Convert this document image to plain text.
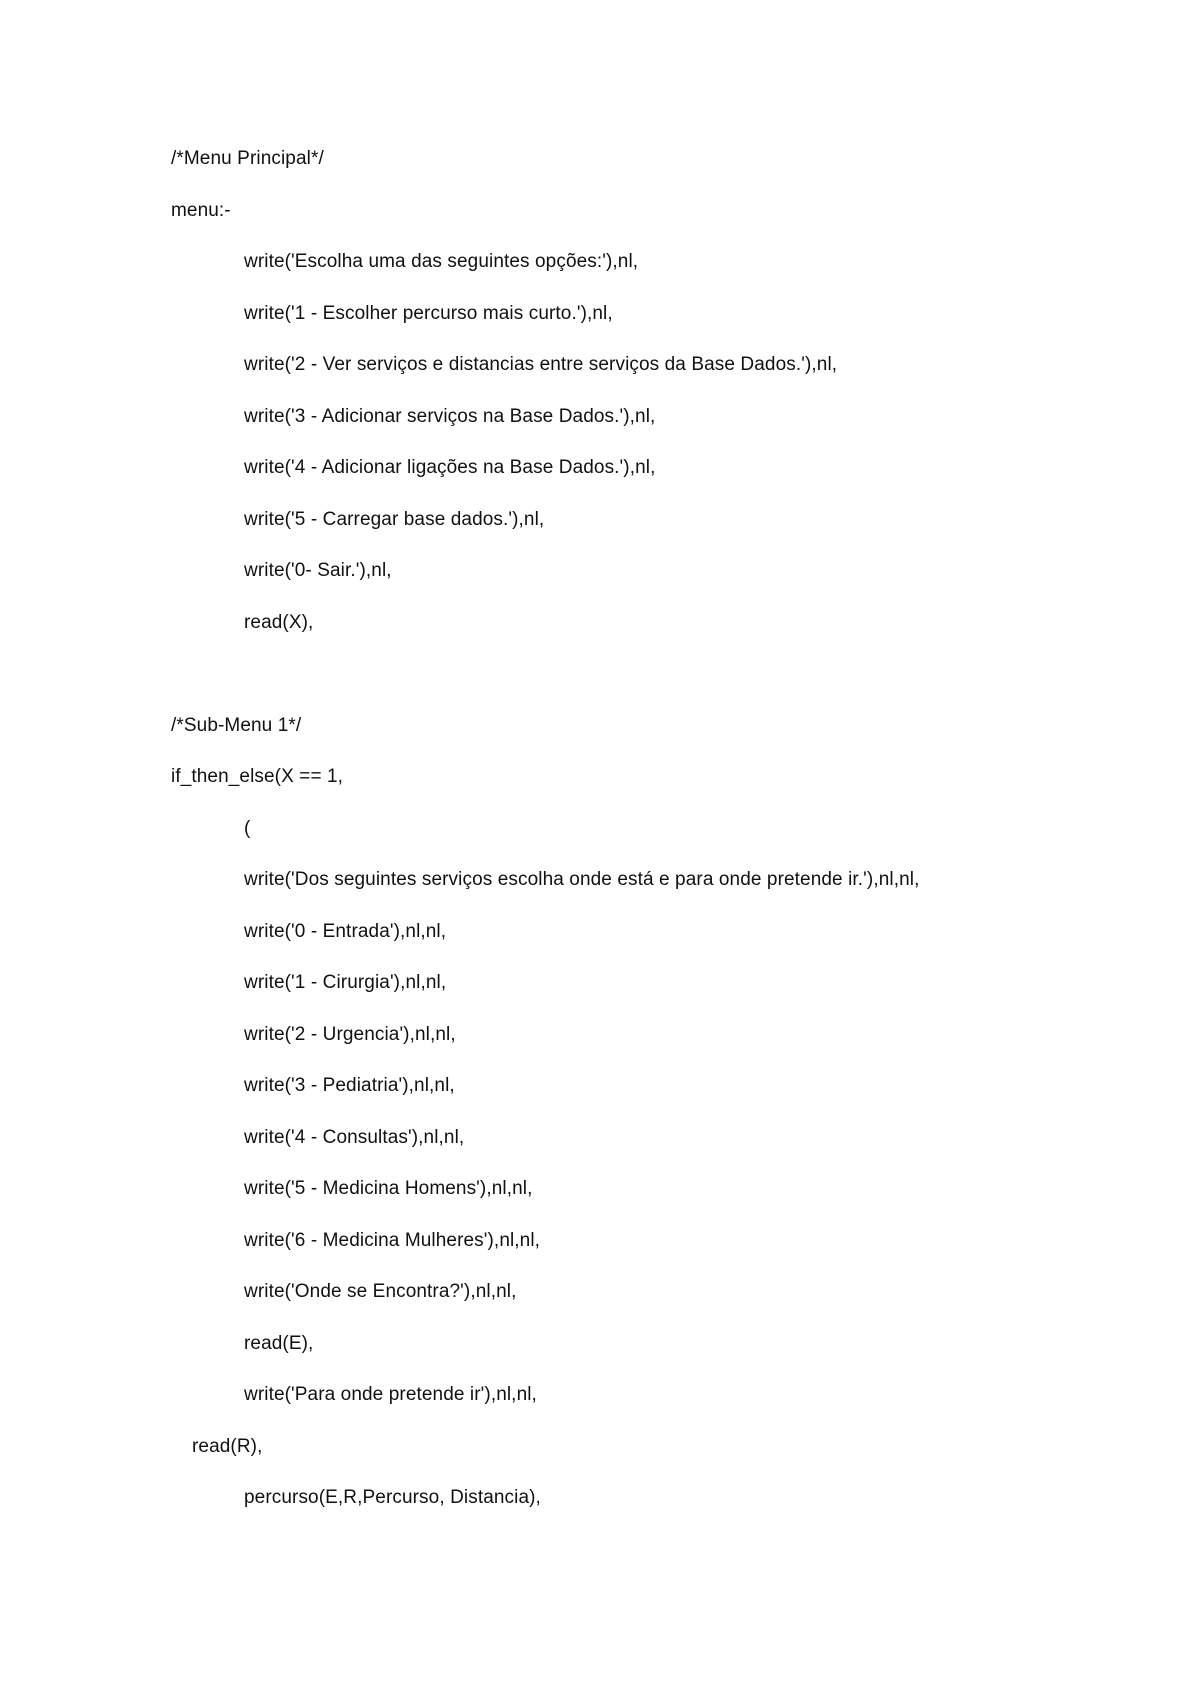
/*Menu Principal*/
menu:-
write('Escolha uma das seguintes opções:'),nl,
write('1 - Escolher percurso mais curto.'),nl,
write('2 - Ver serviços e distancias entre serviços da Base Dados.'),nl,
write('3 - Adicionar serviços na Base Dados.'),nl,
write('4 - Adicionar ligações na Base Dados.'),nl,
write('5 - Carregar base dados.'),nl,
write('0- Sair.'),nl,
read(X),
/*Sub-Menu 1*/
if_then_else(X == 1,
(
write('Dos seguintes serviços escolha onde está e para onde pretende ir.'),nl,nl,
write('0 - Entrada'),nl,nl,
write('1 - Cirurgia'),nl,nl,
write('2 - Urgencia'),nl,nl,
write('3 - Pediatria'),nl,nl,
write('4 - Consultas'),nl,nl,
write('5 - Medicina Homens'),nl,nl,
write('6 - Medicina Mulheres'),nl,nl,
write('Onde se Encontra?'),nl,nl,
read(E),
write('Para onde pretende ir'),nl,nl,
read(R),
percurso(E,R,Percurso, Distancia),
